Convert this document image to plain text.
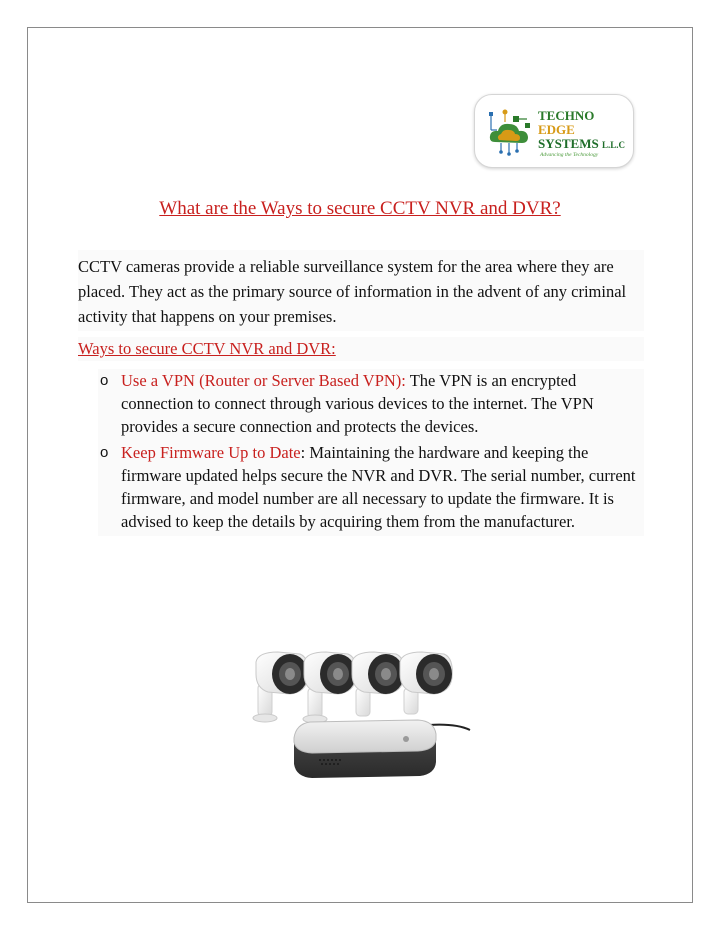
TECHNO
EDGE
SYSTEMS L.L.C
Advancing the Technology
What are the Ways to secure CCTV NVR and DVR?
CCTV cameras provide a reliable surveillance system for the area where they are placed. They act as the primary source of information in the advent of any criminal activity that happens on your premises.
Ways to secure CCTV NVR and DVR:
o Use a VPN (Router or Server Based VPN): The VPN is an encrypted connection to connect through various devices to the internet. The VPN provides a secure connection and protects the devices.
o Keep Firmware Up to Date: Maintaining the hardware and keeping the firmware updated helps secure the NVR and DVR. The serial number, current firmware, and model number are all necessary to update the firmware. It is advised to keep the details by acquiring them from the manufacturer.
